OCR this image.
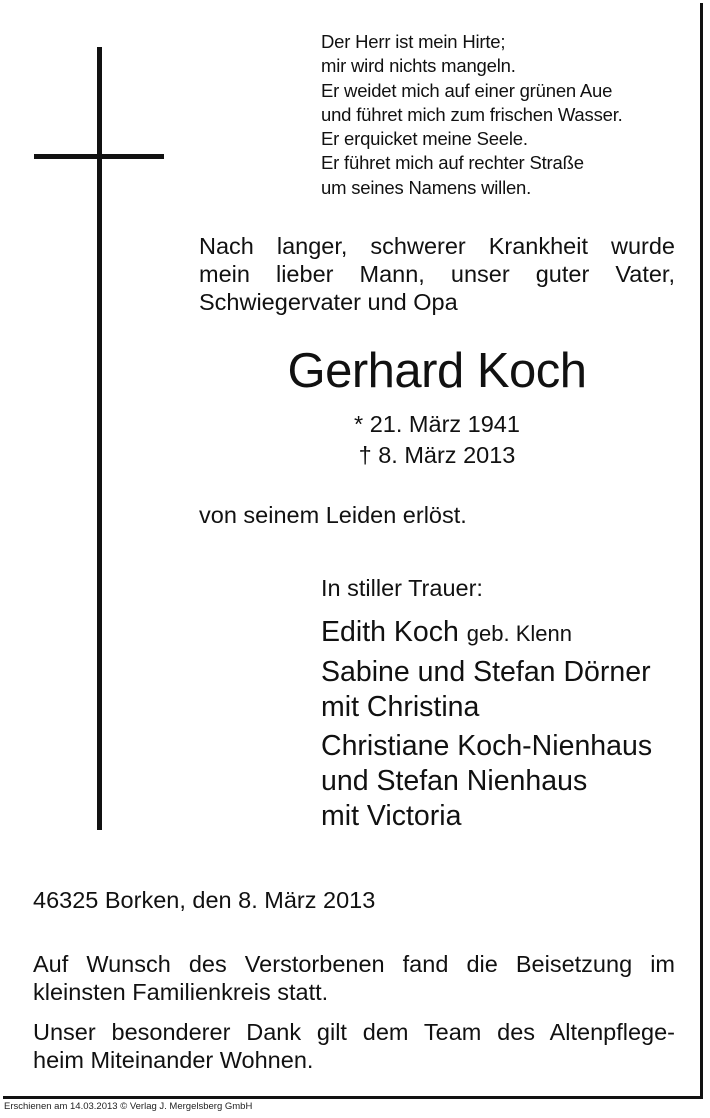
Der Herr ist mein Hirte;
mir wird nichts mangeln.
Er weidet mich auf einer grünen Aue
und führet mich zum frischen Wasser.
Er erquicket meine Seele.
Er führet mich auf rechter Straße
um seines Namens willen.
Nach langer, schwerer Krankheit wurde
mein lieber Mann, unser guter Vater,
Schwiegervater und Opa
Gerhard Koch
* 21. März 1941
† 8. März 2013
von seinem Leiden erlöst.
In stiller Trauer:
Edith Koch geb. Klenn
Sabine und Stefan Dörner
mit Christina
Christiane Koch-Nienhaus
und Stefan Nienhaus
mit Victoria
46325 Borken, den 8. März 2013
Auf Wunsch des Verstorbenen fand die Beisetzung im
kleinsten Familienkreis statt.
Unser besonderer Dank gilt dem Team des Altenpflege-
heim Miteinander Wohnen.
Erschienen am 14.03.2013 © Verlag J. Mergelsberg GmbH
